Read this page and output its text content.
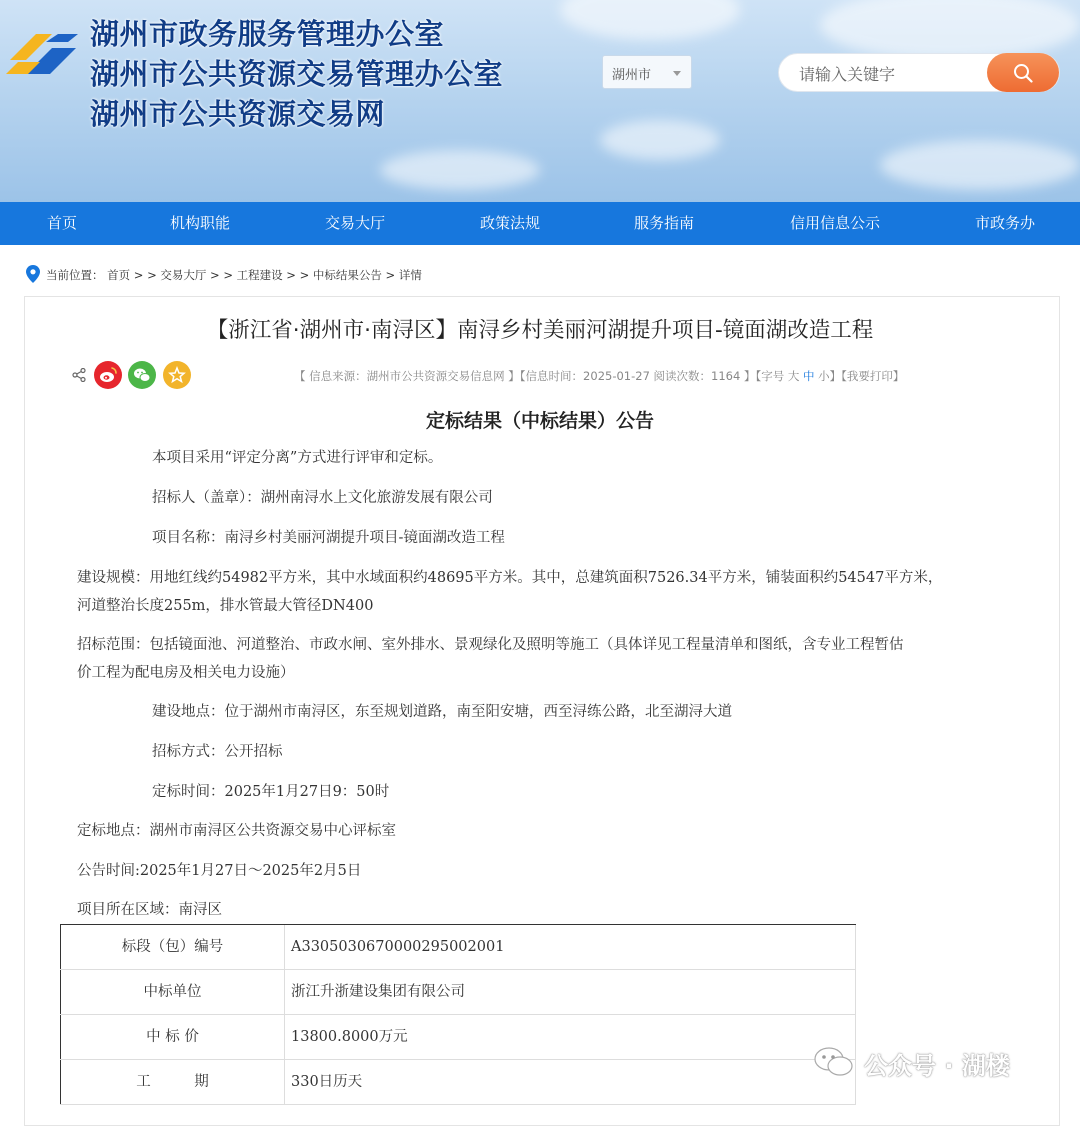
湖州市政务服务管理办公室
湖州市公共资源交易管理办公室
湖州市公共资源交易网
湖州市
请输入关键字
首页	机构职能	交易大厅	政策法规	服务指南	信用信息公示	市政务办
当前位置： 首页 > > 交易大厅 > > 工程建设 > > 中标结果公告 > 详情
【浙江省·湖州市·南浔区】南浔乡村美丽河湖提升项目-镜面湖改造工程
【 信息来源：湖州市公共资源交易信息网 】【信息时间：2025-01-27 阅读次数：1164 】【字号 大 中 小】【我要打印】
定标结果（中标结果）公告
本项目采用“评定分离”方式进行评审和定标。
招标人（盖章）：湖州南浔水上文化旅游发展有限公司
项目名称：南浔乡村美丽河湖提升项目-镜面湖改造工程
建设规模：用地红线约54982平方米，其中水域面积约48695平方米。其中，总建筑面积7526.34平方米，铺装面积约54547平方米，
河道整治长度255m，排水管最大管径DN400
招标范围：包括镜面池、河道整治、市政水闸、室外排水、景观绿化及照明等施工（具体详见工程量清单和图纸，含专业工程暂估
价工程为配电房及相关电力设施）
建设地点：位于湖州市南浔区，东至规划道路，南至阳安塘，西至浔练公路，北至湖浔大道
招标方式：公开招标
定标时间：2025年1月27日9：50时
定标地点：湖州市南浔区公共资源交易中心评标室
公告时间:2025年1月27日～2025年2月5日
项目所在区域：南浔区
标段（包）编号	A3305030670000295002001
中标单位	浙江升浙建设集团有限公司
中 标 价	13800.8000万元
工　　　期	330日历天
公众号 · 湖楼
